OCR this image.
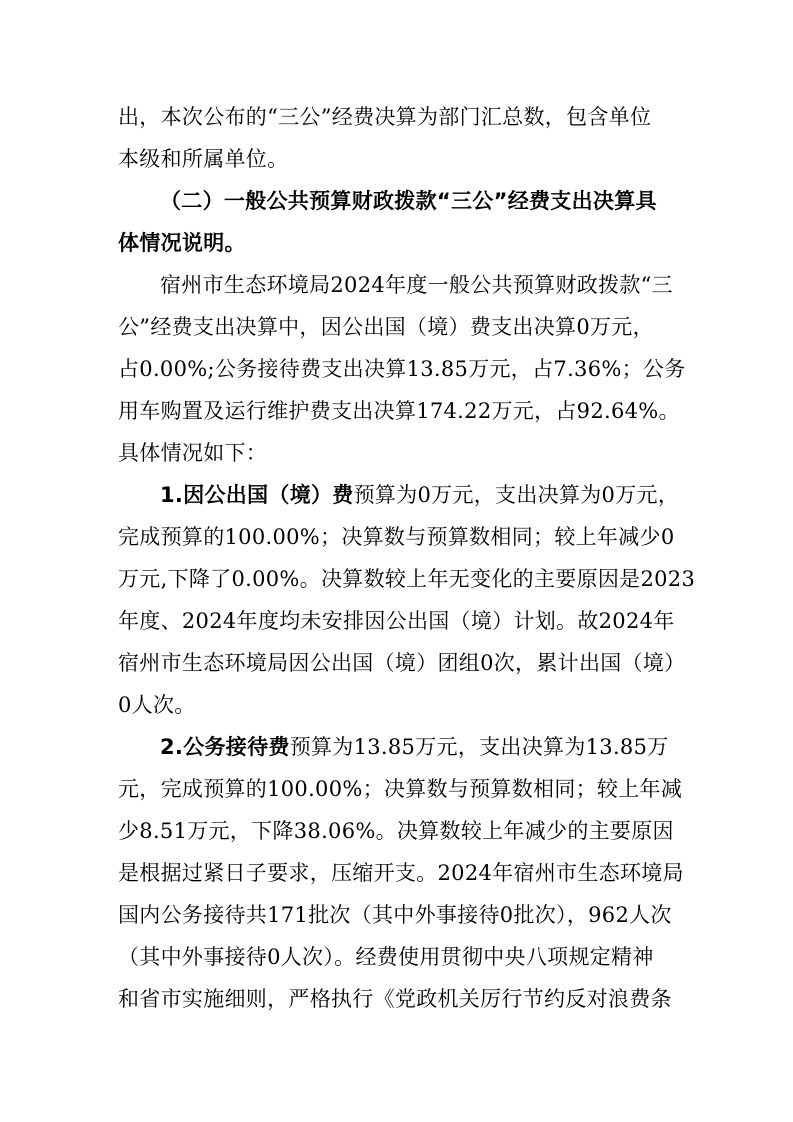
出，本次公布的“三公”经费决算为部门汇总数，包含单位
本级和所属单位。
（二）一般公共预算财政拨款“三公”经费支出决算具
体情况说明。
宿州市生态环境局2024年度一般公共预算财政拨款“三
公”经费支出决算中，因公出国（境）费支出决算0万元，
占0.00%;公务接待费支出决算13.85万元，占7.36%；公务
用车购置及运行维护费支出决算174.22万元，占92.64%。
具体情况如下：
1.因公出国（境）费预算为0万元，支出决算为0万元，
完成预算的100.00%；决算数与预算数相同；较上年减少0
万元,下降了0.00%。决算数较上年无变化的主要原因是2023
年度、2024年度均未安排因公出国（境）计划。故2024年
宿州市生态环境局因公出国（境）团组0次，累计出国（境）
0人次。
2.公务接待费预算为13.85万元，支出决算为13.85万
元，完成预算的100.00%；决算数与预算数相同；较上年减
少8.51万元，下降38.06%。决算数较上年减少的主要原因
是根据过紧日子要求，压缩开支。2024年宿州市生态环境局
国内公务接待共171批次（其中外事接待0批次），962人次
（其中外事接待0人次）。经费使用贯彻中央八项规定精神
和省市实施细则，严格执行《党政机关厉行节约反对浪费条
